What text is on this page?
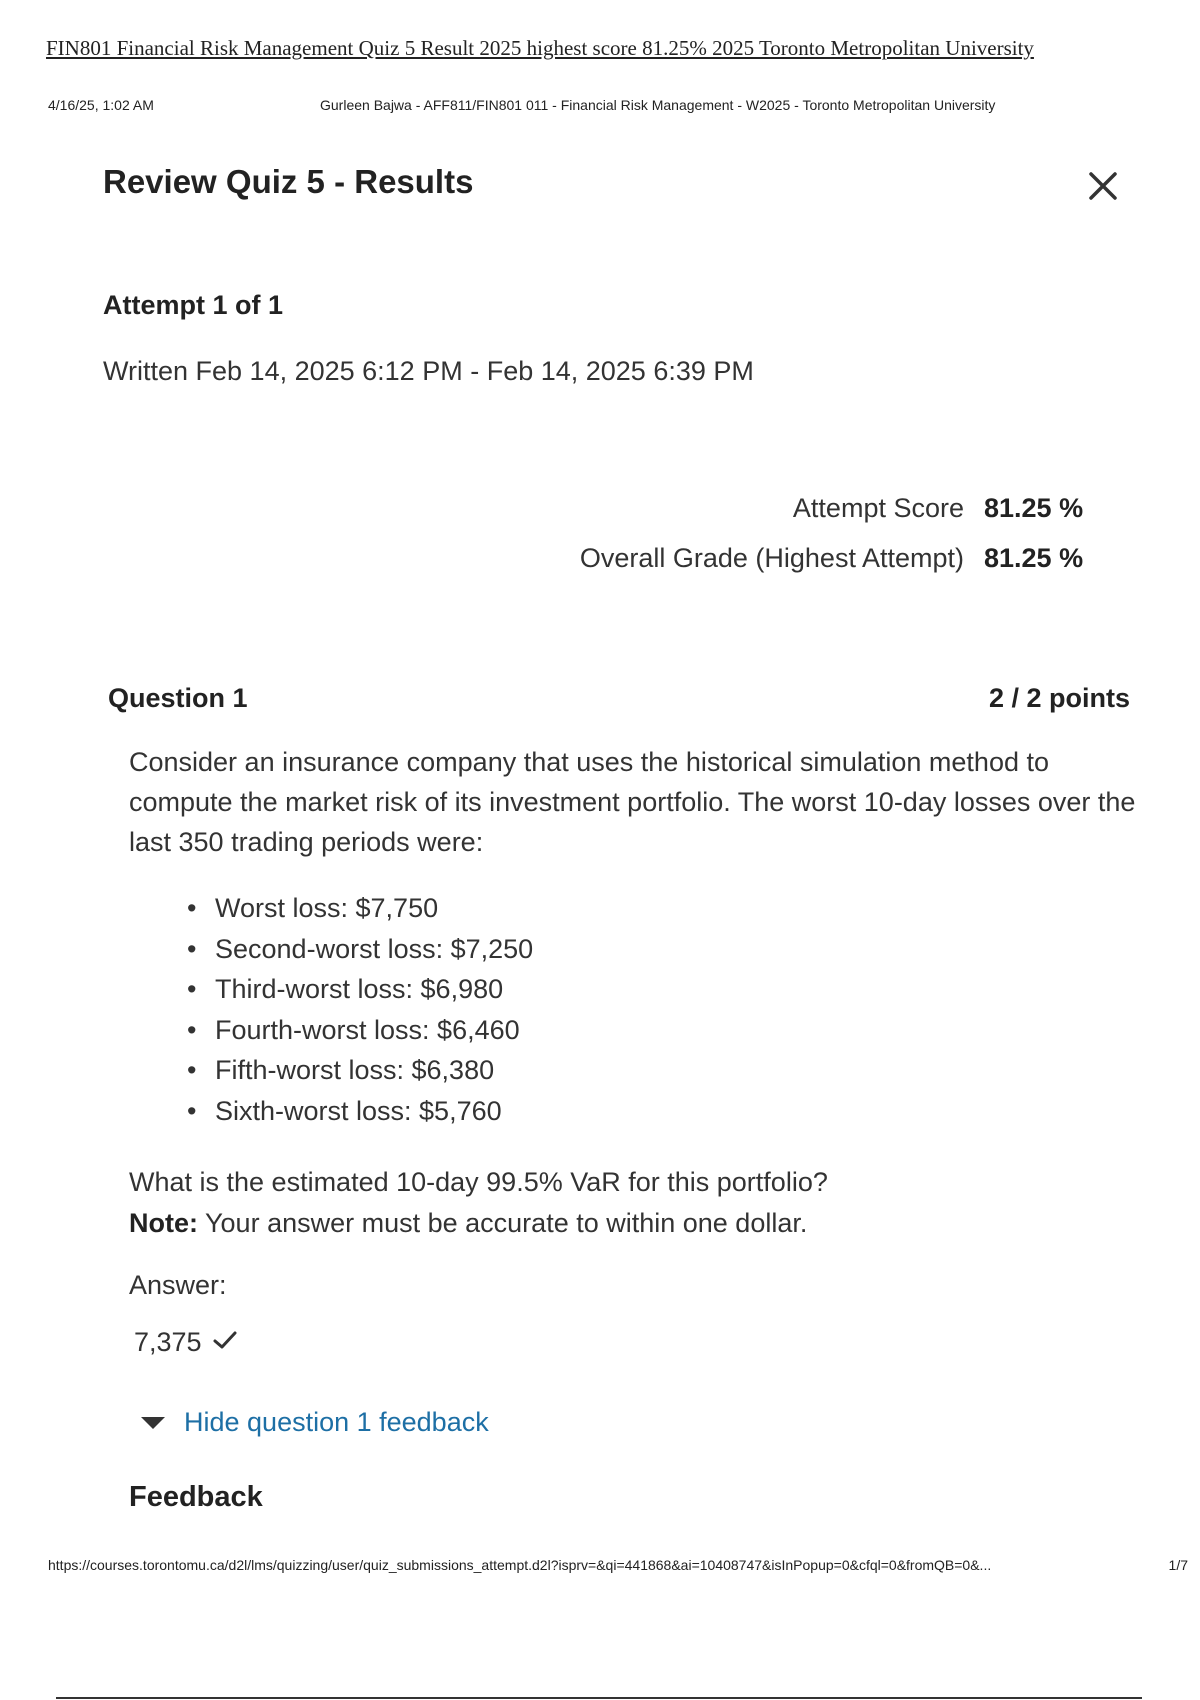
FIN801 Financial Risk Management Quiz 5 Result 2025 highest score 81.25% 2025 Toronto Metropolitan University
4/16/25, 1:02 AM	Gurleen Bajwa - AFF811/FIN801 011 - Financial Risk Management - W2025 - Toronto Metropolitan University
Review Quiz 5 - Results
Attempt 1 of 1
Written Feb 14, 2025 6:12 PM - Feb 14, 2025 6:39 PM
Attempt Score 81.25 %
Overall Grade (Highest Attempt) 81.25 %
Question 1	2 / 2 points

Consider an insurance company that uses the historical simulation method to compute the market risk of its investment portfolio. The worst 10-day losses over the last 350 trading periods were:

• Worst loss: $7,750
• Second-worst loss: $7,250
• Third-worst loss: $6,980
• Fourth-worst loss: $6,460
• Fifth-worst loss: $6,380
• Sixth-worst loss: $5,760
What is the estimated 10-day 99.5% VaR for this portfolio?
Note: Your answer must be accurate to within one dollar.
Answer:
7,375
Hide question 1 feedback
Feedback
https://courses.torontomu.ca/d2l/lms/quizzing/user/quiz_submissions_attempt.d2l?isprv=&qi=441868&ai=10408747&isInPopup=0&cfql=0&fromQB=0&...	1/7
